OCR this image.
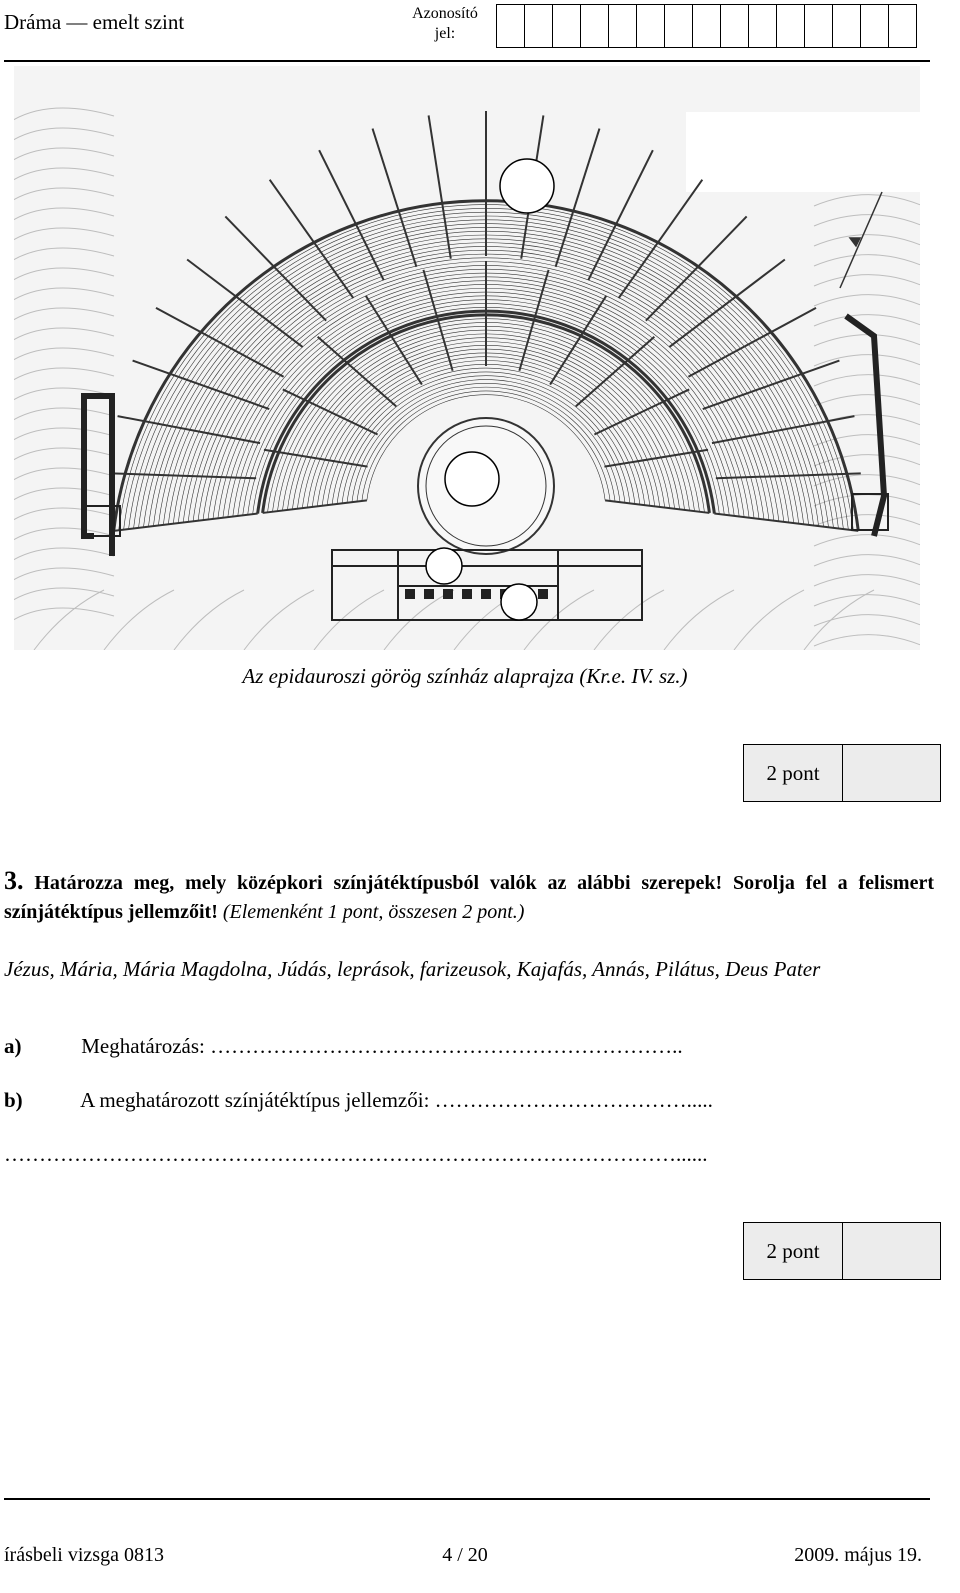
Dráma — emelt szint	Azonosító
jel:
Az epidauroszi görög színház alaprajza (Kr.e. IV. sz.)
2 pont
3. Határozza meg, mely középkori színjátéktípusból valók az alábbi szerepek! Sorolja fel a felismert színjátéktípus jellemzőit! (Elemenként 1 pont, összesen 2 pont.)
Jézus, Mária, Mária Magdolna, Júdás, leprások, farizeusok, Kajafás, Annás, Pilátus, Deus Pater
a)	Meghatározás: …………………………………………………………..
b)	A meghatározott színjátéktípus jellemzői: ……………………………….....
……………………………………………………………………………………......
2 pont
írásbeli vizsga 0813	4 / 20	2009. május 19.
